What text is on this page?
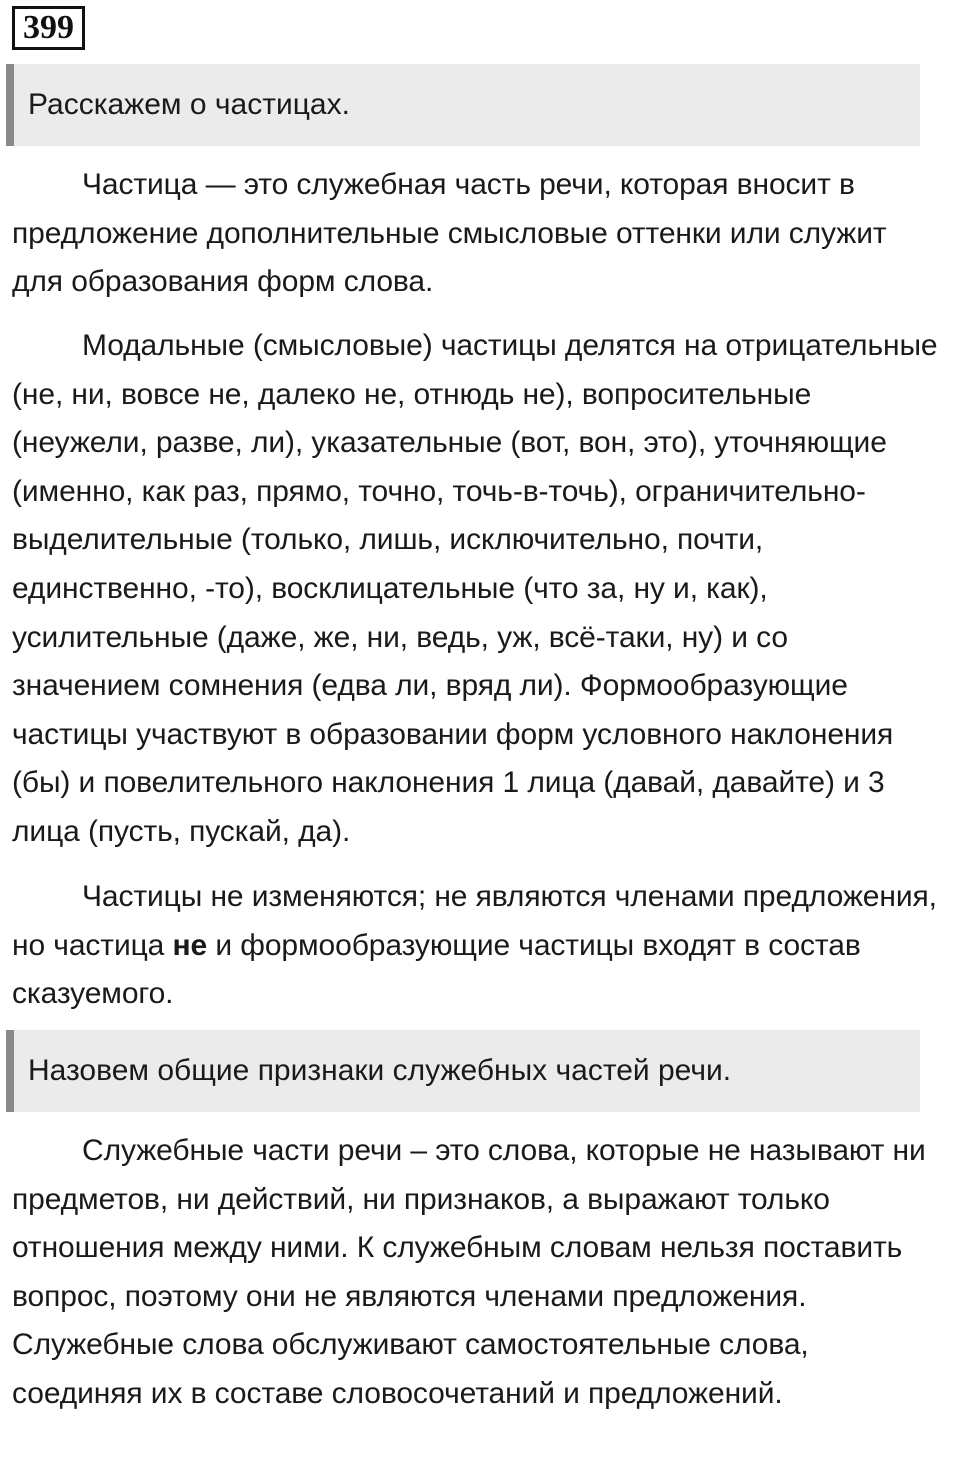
399
Расскажем о частицах.

Частица — это служебная часть речи, которая вносит в предложение дополнительные смысловые оттенки или служит для образования форм слова.

Модальные (смысловые) частицы делятся на отрицательные (не, ни, вовсе не, далеко не, отнюдь не), вопросительные (неужели, разве, ли), указательные (вот, вон, это), уточняющие (именно, как раз, прямо, точно, точь-в-точь), ограничительно-выделительные (только, лишь, исключительно, почти, единственно, -то), восклицательные (что за, ну и, как), усилительные (даже, же, ни, ведь, уж, всё-таки, ну) и со значением сомнения (едва ли, вряд ли). Формообразующие частицы участвуют в образовании форм условного наклонения (бы) и повелительного наклонения 1 лица (давай, давайте) и 3 лица (пусть, пускай, да).

Частицы не изменяются; не являются членами предложения, но частица не и формообразующие частицы входят в состав сказуемого.

Назовем общие признаки служебных частей речи.

Служебные части речи – это слова, которые не называют ни предметов, ни действий, ни признаков, а выражают только отношения между ними. К служебным словам нельзя поставить вопрос, поэтому они не являются членами предложения. Служебные слова обслуживают самостоятельные слова, соединяя их в составе словосочетаний и предложений.
